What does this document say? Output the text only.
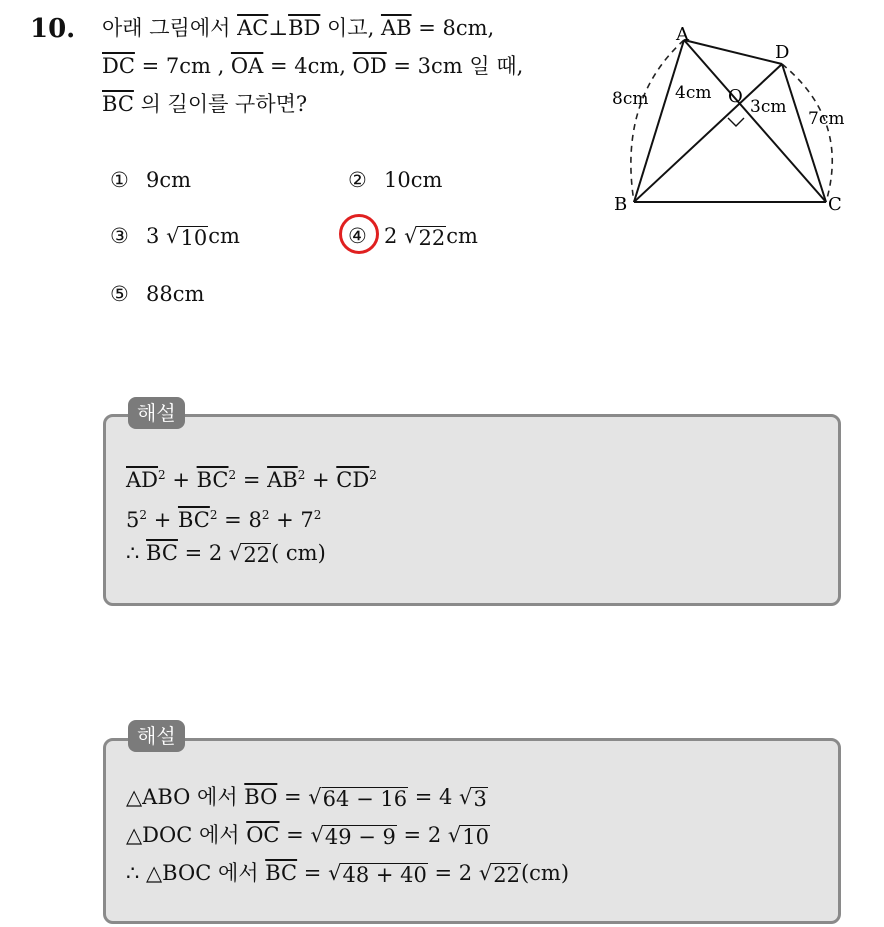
10. 아래 그림에서 $\overline{AC}\perp\overline{BD}$ 이고, $\overline{AB} = 8cm$,
$\overline{DC} = 7cm$ , $\overline{OA} = 4cm$, $\overline{OD} = 3cm$ 일 때,
$\overline{BC}$ 의 길이를 구하면?
① 9cm	② 10cm
③ 3 √ 10 cm	④ 2 √ 22 cm
⑤ 88cm
A
D
B	C
O
8cm 4cm
3cm
7cm
$\overline{AD}^2 + \overline{BC}^2 = \overline{AB}^2 + \overline{CD}^2$
$5^2 + \overline{BC}^2 = 8^2 + 7^2$
∴ $\overline{BC} = 2$ √ 22 ( cm)
해설
△ABO 에서 $\overline{BO}$ = √ 64 − 16 = 4 √ 3
△DOC 에서 $\overline{OC}$ = √ 49 − 9 = 2 √ 10
∴ △BOC 에서 $\overline{BC}$ = √ 48 + 40 = 2 √ 22 (cm)
해설
